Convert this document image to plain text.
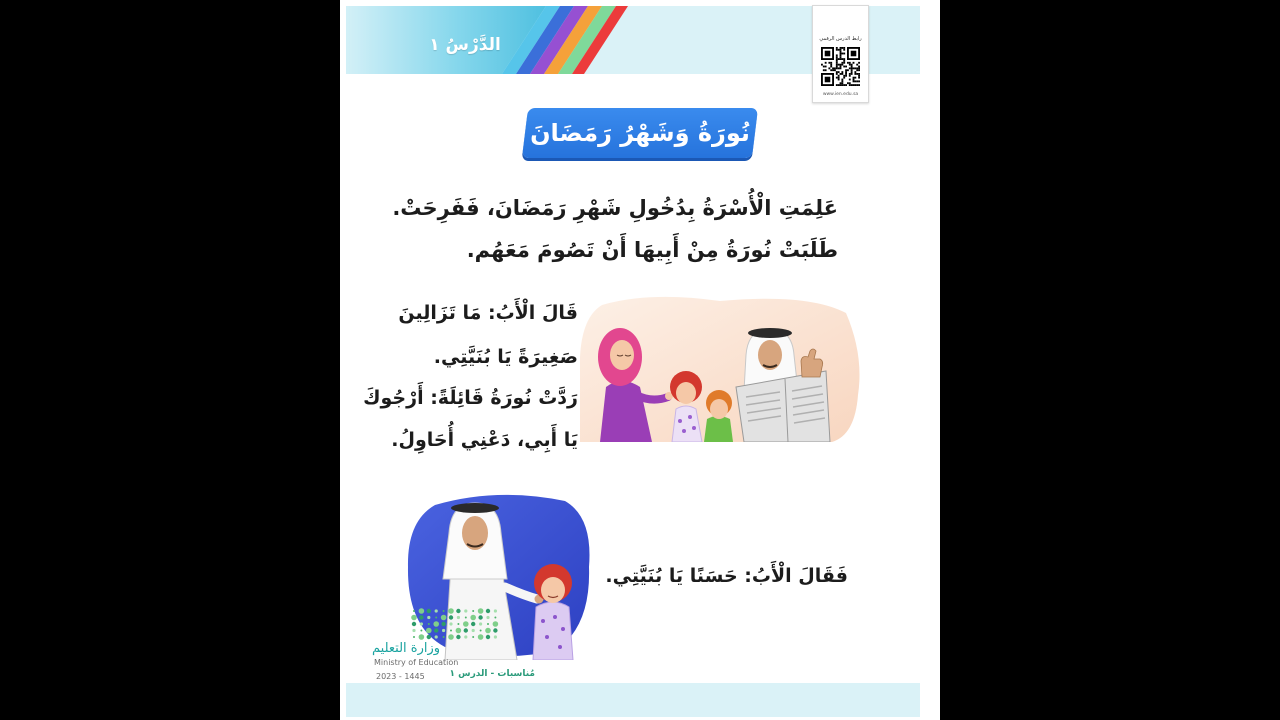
الدَّرْسُ ١	رابط الدرس الرقمي
www.ien.edu.sa
نُورَةُ وَشَهْرُ رَمَضَانَ
عَلِمَتِ الْأُسْرَةُ بِدُخُولِ شَهْرِ رَمَضَانَ، فَفَرِحَتْ.
طَلَبَتْ نُورَةُ مِنْ أَبِيهَا أَنْ تَصُومَ مَعَهُم.
قَالَ الْأَبُ: مَا تَزَالِينَ
صَغِيرَةً يَا بُنَيَّتِي.
رَدَّتْ نُورَةُ قَائِلَةً: أَرْجُوكَ
يَا أَبِي، دَعْنِي أُحَاوِلُ.
فَقَالَ الْأَبُ: حَسَنًا يَا بُنَيَّتِي.
وزارة التعليم
Ministry of Education
2023 - 1445	مُناسبات - الدرس ١
